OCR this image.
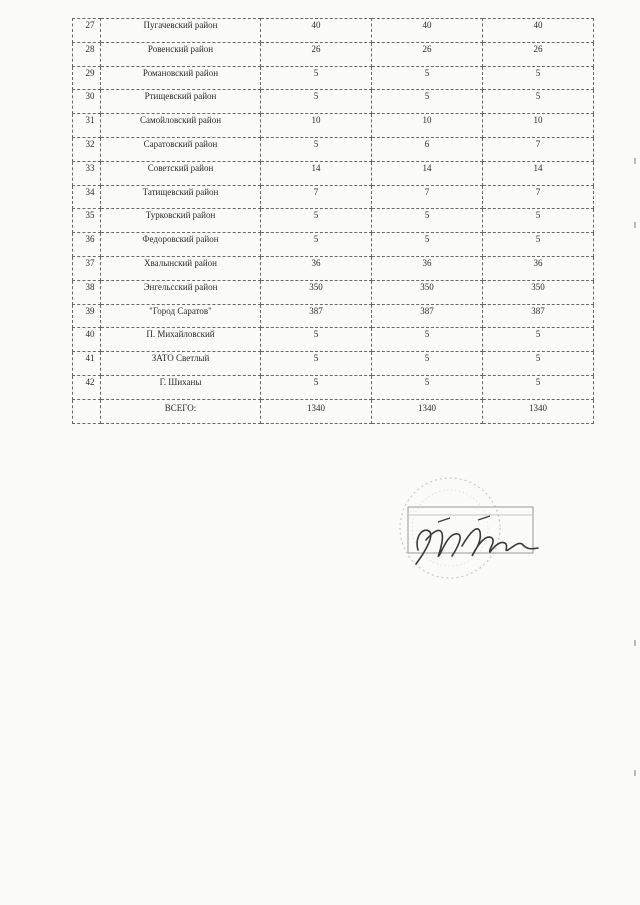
27	Пугачевский район	40	40	40
28	Ровенский район	26	26	26
29	Романовский район	5	5	5
30	Ртищевский район	5	5	5
31	Самойловский район	10	10	10
32	Саратовский район	5	6	7
33	Советский район	14	14	14
34	Татищевский район	7	7	7
35	Турковский район	5	5	5
36	Федоровский район	5	5	5
37	Хвалынский район	36	36	36
38	Энгельсский район	350	350	350
39	"Город Саратов"	387	387	387
40	П. Михайловский	5	5	5
41	ЗАТО Светлый	5	5	5
42	Г. Шиханы	5	5	5
	ВСЕГО:	1340	1340	1340
